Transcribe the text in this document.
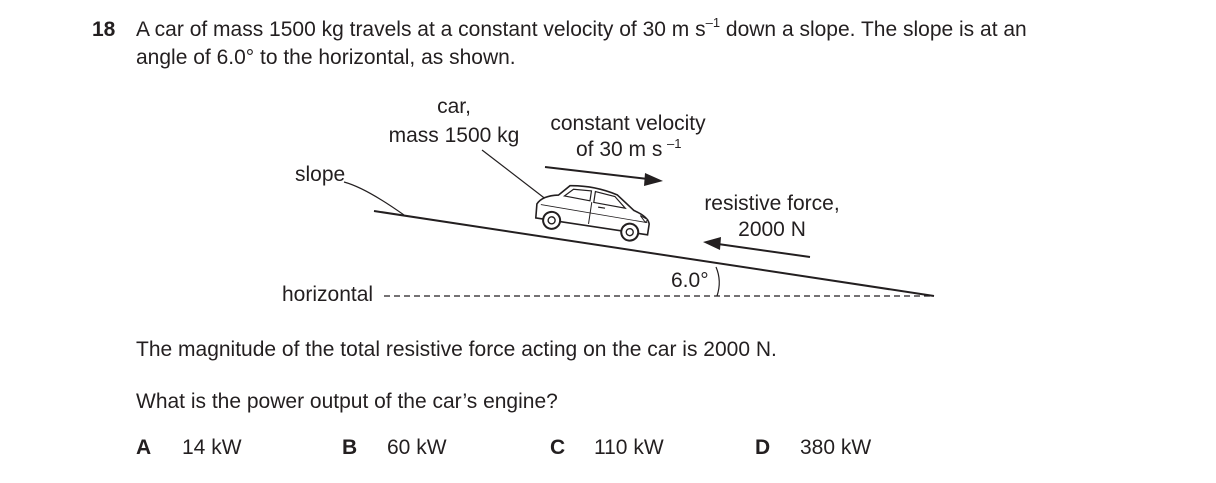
18 A car of mass 1500 kg travels at a constant velocity of 30 m $s^{-1}$ down a slope. The slope is at an
angle of 6.0° to the horizontal, as shown.
car,
mass 1500 kg
constant velocity
of 30 m s –1
slope
resistive force,
2000 N
6.0°
horizontal
The magnitude of the total resistive force acting on the car is 2000 N.
What is the power output of the car’s engine?
A 14 kW	B 60 kW	C 110 kW	D 380 kW
